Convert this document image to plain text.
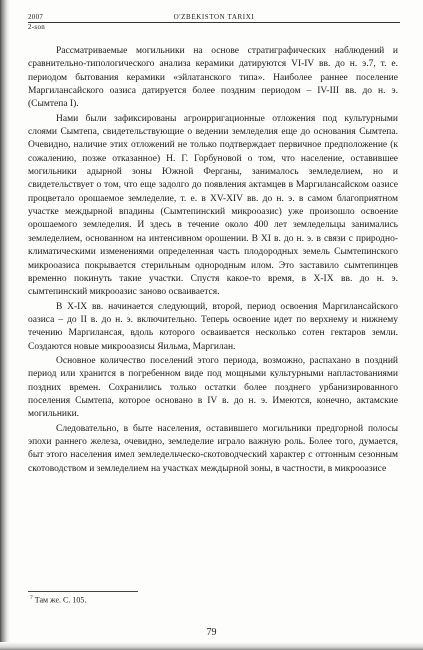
2007	O'ZBEKISTON TARIXI
2-son

Рассматриваемые могильники на основе стратиграфических наблюдений и сравнительно-типологического анализа керамики датируются VI-IV вв. до н. э.7, т. е. периодом бытования керамики «эйлатанского типа». Наиболее раннее поселение Маргилансайского оазиса датируется более поздним периодом – IV-III вв. до н. э. (Сымтепа I).

Нами были зафиксированы агроирригационные отложения под культурными слоями Сымтепа, свидетельствующие о ведении земледелия еще до основания Сымтепа. Очевидно, наличие этих отложений не только подтверждает первичное предположение (к сожалению, позже отказанное) Н. Г. Горбуновой о том, что население, оставившее могильники адырной зоны Южной Ферганы, занималось земледелием, но и свидетельствует о том, что еще задолго до появления актамцев в Маргилансайском оазисе процветало орошаемое земледелие, т. е. в XV-XIV вв. до н. э. в самом благоприятном участке междырной впадины (Сымтепинский микрооазис) уже произошло освоение орошаемого земледелия. И здесь в течение около 400 лет земледельцы занимались земледелием, основанном на интенсивном орошении. В XI в. до н. э. в связи с природно-климатическими изменениями определенная часть плодородных земель Сымтепинского микрооазиса покрывается стерильным однородным илом. Это заставило сымтепинцев временно покинуть такие участки. Спустя какое-то время, в X-IX вв. до н. э. сымтепинский микрооазис заново осваивается.

В X-IX вв. начинается следующий, второй, период освоения Маргилансайского оазиса – до II в. до н. э. включительно. Теперь освоение идет по верхнему и нижнему течению Маргилансая, вдоль которого осваивается несколько сотен гектаров земли. Создаются новые микрооазисы Яильма, Маргилан.

Основное количество поселений этого периода, возможно, распахано в поздний период или хранится в погребенном виде под мощными культурными напластованиями поздних времен. Сохранились только остатки более позднего урбанизированного поселения Сымтепа, которое основано в IV в. до н. э. Имеются, конечно, актамские могильники.

Следовательно, в быте населения, оставившего могильники предгорной полосы эпохи раннего железа, очевидно, земледелие играло важную роль. Более того, думается, быт этого населения имел земледельческо-скотоводческий характер с оттонным сезонным скотоводством и земледелием на участках междырной зоны, в частности, в микрооазисе

$^7$ Там же. С. 105.
79
